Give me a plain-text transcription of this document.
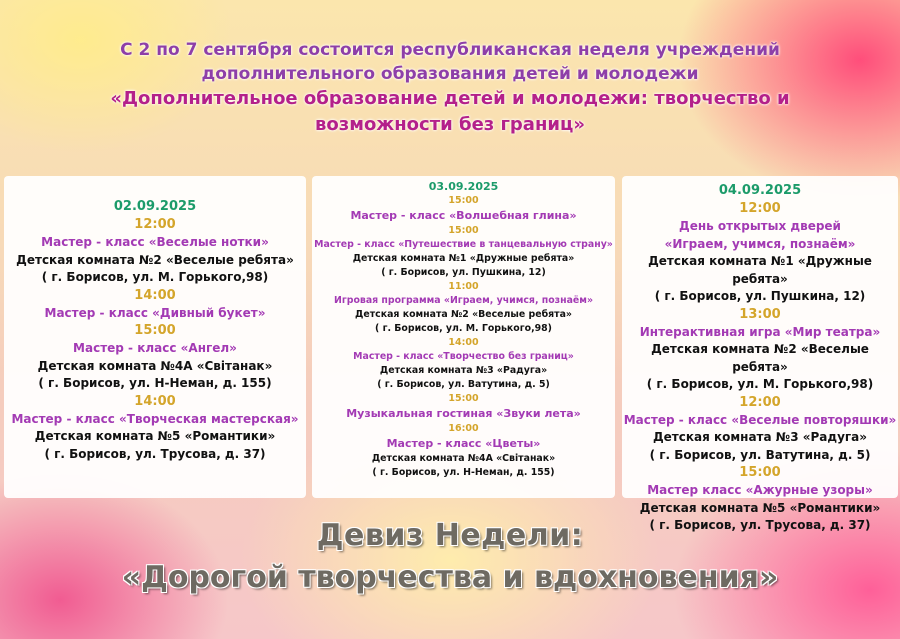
С 2 по 7 сентября состоится республиканская неделя учреждений
дополнительного образования детей и молодежи
«Дополнительное образование детей и молодежи: творчество и
возможности без границ»
02.09.2025
12:00
Мастер - класс «Веселые нотки»
Детская комната №2 «Веселые ребята»
( г. Борисов, ул. М. Горького,98)
14:00
Мастер - класс «Дивный букет»
15:00
Мастер - класс «Ангел»
Детская комната №4А «Світанак»
( г. Борисов, ул. Н-Неман, д. 155)
14:00
Мастер - класс «Творческая мастерская»
Детская комната №5 «Романтики»
( г. Борисов, ул. Трусова, д. 37)
03.09.2025
15:00
Мастер - класс «Волшебная глина»
15:00
Мастер - класс «Путешествие в танцевальную страну»
Детская комната №1 «Дружные ребята»
( г. Борисов, ул. Пушкина, 12)
11:00
Игровая программа «Играем, учимся, познаём»
Детская комната №2 «Веселые ребята»
( г. Борисов, ул. М. Горького,98)
14:00
Мастер - класс «Творчество без границ»
Детская комната №3 «Радуга»
( г. Борисов, ул. Ватутина, д. 5)
15:00
Музыкальная гостиная «Звуки лета»
16:00
Мастер - класс «Цветы»
Детская комната №4А «Світанак»
( г. Борисов, ул. Н-Неман, д. 155)
04.09.2025
12:00
День открытых дверей
«Играем, учимся, познаём»
Детская комната №1 «Дружные ребята»
( г. Борисов, ул. Пушкина, 12)
13:00
Интерактивная игра «Мир театра»
Детская комната №2 «Веселые ребята»
( г. Борисов, ул. М. Горького,98)
12:00
Мастер - класс «Веселые повторяшки»
Детская комната №3 «Радуга»
( г. Борисов, ул. Ватутина, д. 5)
15:00
Мастер класс «Ажурные узоры»
Детская комната №5 «Романтики»
( г. Борисов, ул. Трусова, д. 37)
Девиз Недели:
«Дорогой творчества и вдохновения»
